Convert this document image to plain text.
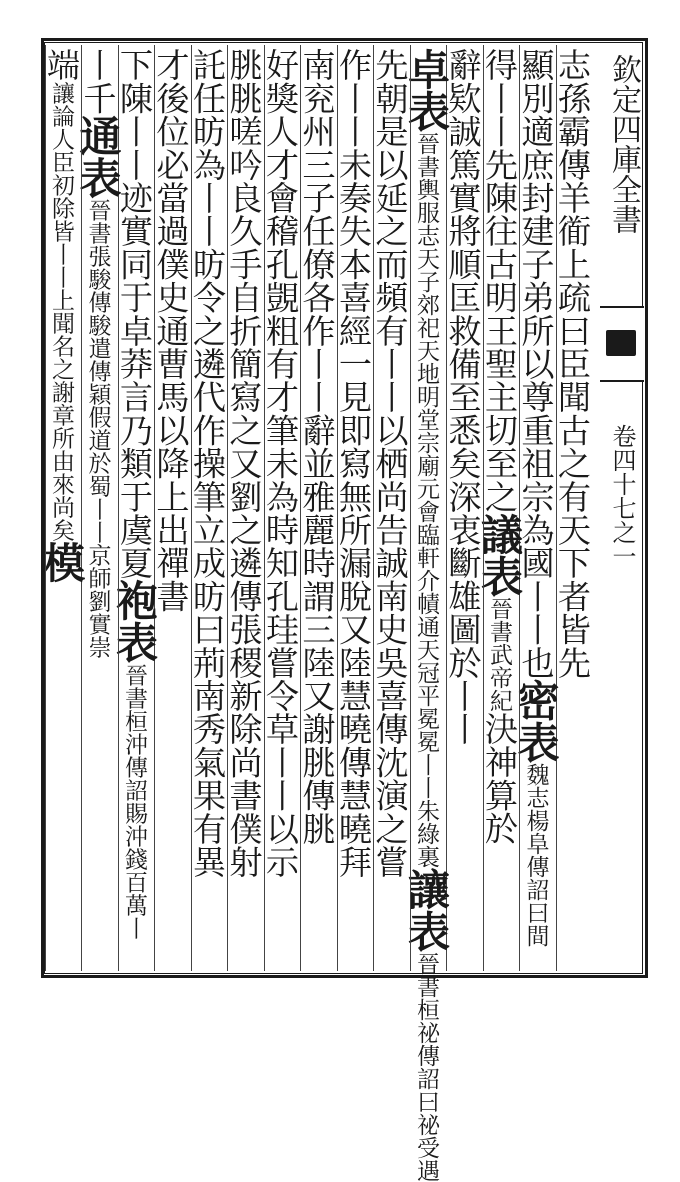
欽定四庫全書
卷四十七之一
志孫霸傳羊衜上疏曰臣聞古之有天下者皆先
顯別適庶封建子弟所以尊重祖宗為國丨丨也密表魏志楊阜傳詔曰間
得丨丨先陳往古明王聖主切至之議表晉書武帝紀決神算於
辭欵誠篤實將順匡救備至悉矣深衷斷雄圖於丨丨
卓表晉書輿服志天子郊祀天地明堂宗廟元會臨軒介幘通天冠平冕冕丨丨朱綠裏讓表晉書桓祕傳詔曰祕受遇
先朝是以延之而頻有丨丨以栖尚告誠南史吳喜傳沈演之嘗
作丨丨未奏失本喜經一見即寫無所漏脫又陸慧曉傳慧曉拜
南兖州三子任僚各作丨丨辭並雅麗時謂三陸又謝朓傳朓
好獎人才會稽孔覬粗有才筆未為時知孔珪嘗令草丨丨以示
朓朓嗟吟良久手自折簡寫之又劉之遴傳張稷新除尚書僕射
託任昉為丨丨昉令之遴代作操筆立成昉曰荊南秀氣果有異
才後位必當過僕史通曹馬以降上出禪書
下陳丨丨迹實同于卓莽言乃類于虞夏袍表晉書桓沖傳詔賜沖錢百萬丨
丨千通表晉書張駿傳駿遣傳穎假道於蜀丨丨京師劉實崇
端讓論人臣初除皆丨丨上聞名之謝章所由來尚矣模
